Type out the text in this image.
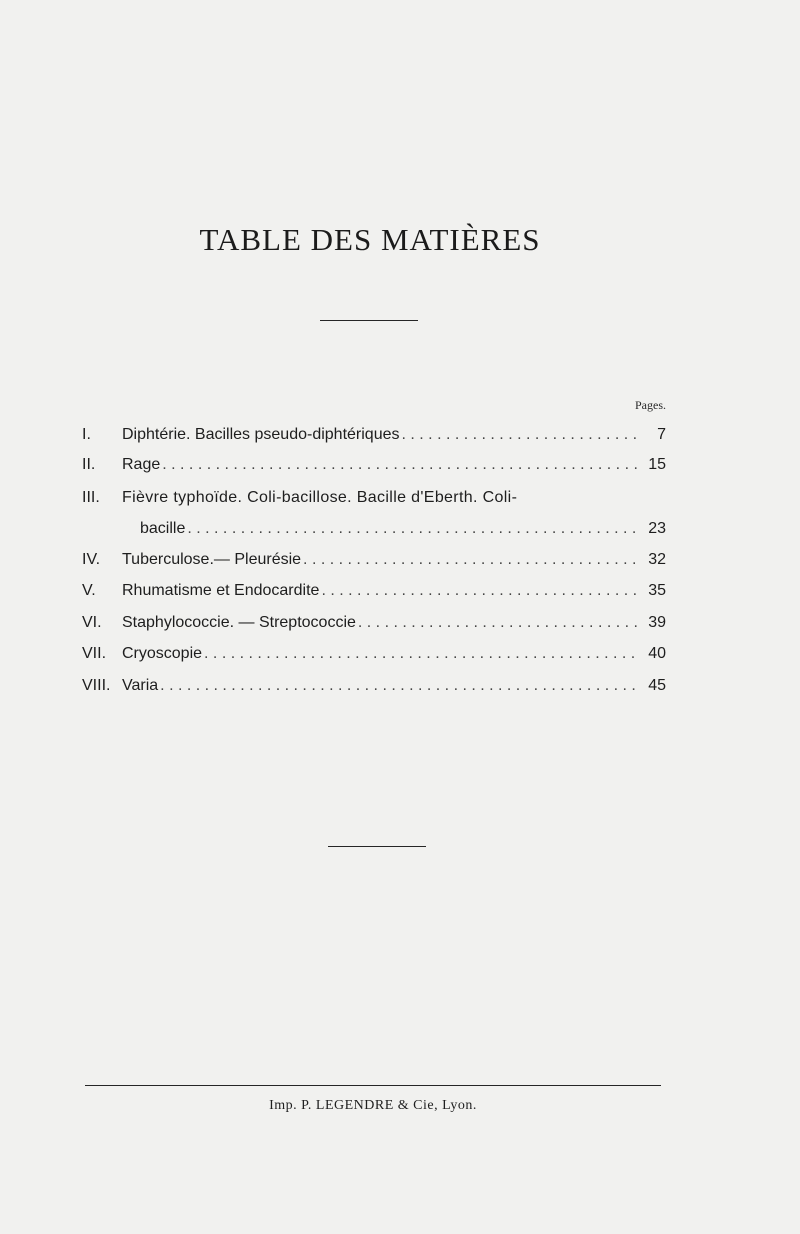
TABLE DES MATIÈRES
Pages.
I. Diphtérie. Bacilles pseudo-diphtériques . . .	7
II. Rage . . .	15
III. Fièvre typhoïde. Coli-bacillose. Bacille d'Eberth. Coli-
bacille . . .	23
IV. Tuberculose.— Pleurésie . . .	32
V. Rhumatisme et Endocardite . . .	35
VI. Staphylococcie. — Streptococcie . . .	39
VII. Cryoscopie . . .	40
VIII. Varia . . .	45
Imp. P. LEGENDRE & Cie, Lyon.
